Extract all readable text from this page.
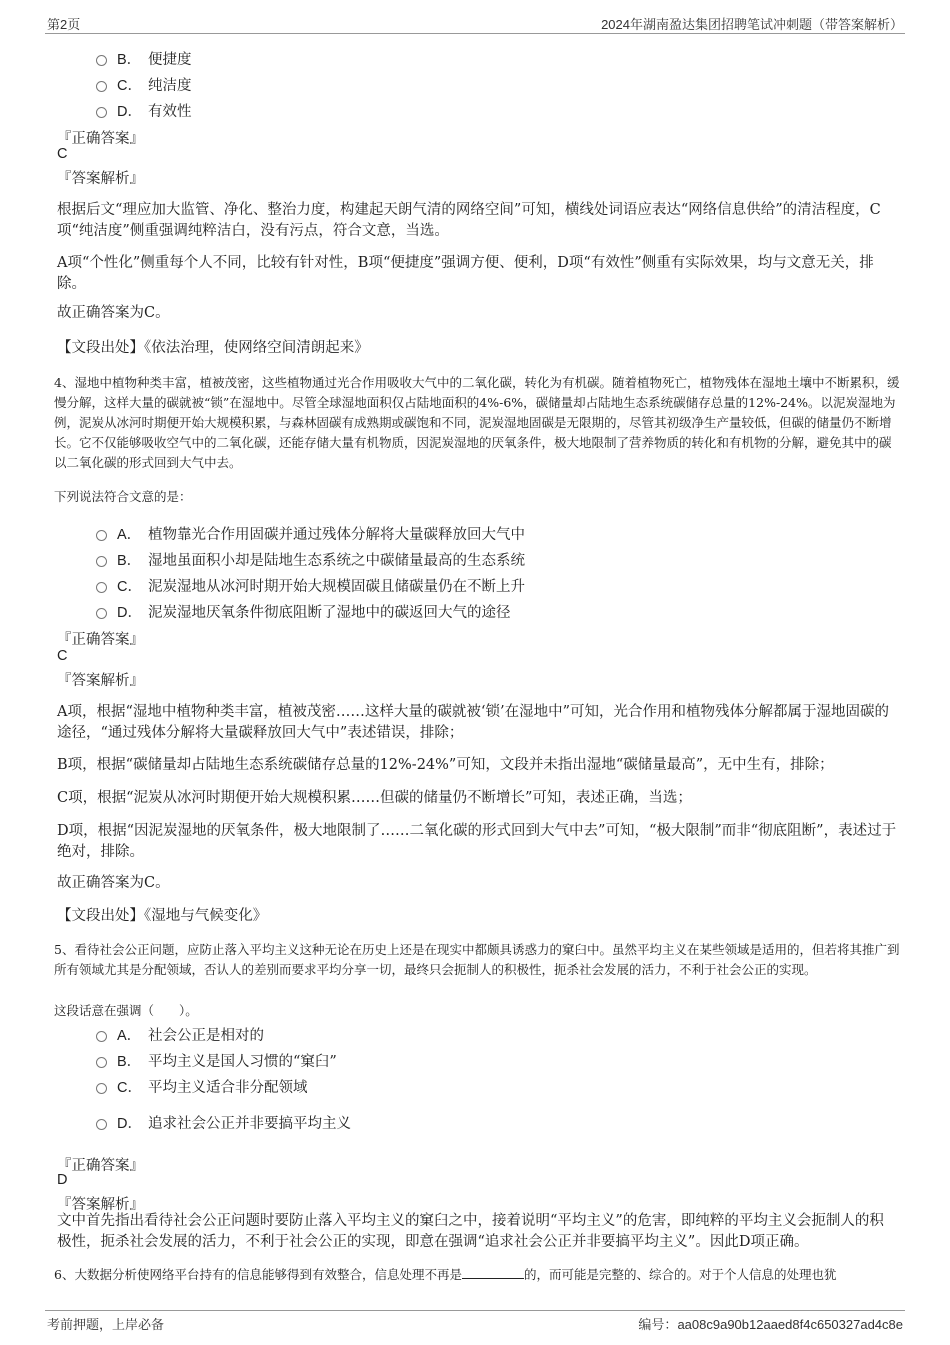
第2页	2024年湖南盈达集团招聘笔试冲刺题（带答案解析）
B． 便捷度
C． 纯洁度
D． 有效性
『正确答案』
C
『答案解析』
根据后文“理应加大监管、净化、整治力度，构建起天朗气清的网络空间”可知，横线处词语应表达“网络信息供给”的清洁程度，C项“纯洁度”侧重强调纯粹洁白，没有污点，符合文意，当选。
A项“个性化”侧重每个人不同，比较有针对性，B项“便捷度”强调方便、便利，D项“有效性”侧重有实际效果，均与文意无关，排除。
故正确答案为C。
【文段出处】《依法治理，使网络空间清朗起来》
4、湿地中植物种类丰富，植被茂密，这些植物通过光合作用吸收大气中的二氧化碳，转化为有机碳。随着植物死亡，植物残体在湿地土壤中不断累积，缓慢分解，这样大量的碳就被“锁”在湿地中。尽管全球湿地面积仅占陆地面积的4%-6%，碳储量却占陆地生态系统碳储存总量的12%-24%。以泥炭湿地为例，泥炭从冰河时期便开始大规模积累，与森林固碳有成熟期或碳饱和不同，泥炭湿地固碳是无限期的，尽管其初级净生产量较低，但碳的储量仍不断增长。它不仅能够吸收空气中的二氧化碳，还能存储大量有机物质，因泥炭湿地的厌氧条件，极大地限制了营养物质的转化和有机物的分解，避免其中的碳以二氧化碳的形式回到大气中去。
下列说法符合文意的是：
A． 植物靠光合作用固碳并通过残体分解将大量碳释放回大气中
B． 湿地虽面积小却是陆地生态系统之中碳储量最高的生态系统
C． 泥炭湿地从冰河时期开始大规模固碳且储碳量仍在不断上升
D． 泥炭湿地厌氧条件彻底阻断了湿地中的碳返回大气的途径
『正确答案』
C
『答案解析』
A项，根据“湿地中植物种类丰富，植被茂密……这样大量的碳就被‘锁’在湿地中”可知，光合作用和植物残体分解都属于湿地固碳的途径，“通过残体分解将大量碳释放回大气中”表述错误，排除；
B项，根据“碳储量却占陆地生态系统碳储存总量的12%-24%”可知，文段并未指出湿地“碳储量最高”，无中生有，排除；
C项，根据“泥炭从冰河时期便开始大规模积累……但碳的储量仍不断增长”可知，表述正确，当选；
D项，根据“因泥炭湿地的厌氧条件，极大地限制了……二氧化碳的形式回到大气中去”可知，“极大限制”而非“彻底阻断”，表述过于绝对，排除。
故正确答案为C。
【文段出处】《湿地与气候变化》
5、看待社会公正问题，应防止落入平均主义这种无论在历史上还是在现实中都颇具诱惑力的窠臼中。虽然平均主义在某些领域是适用的，但若将其推广到所有领域尤其是分配领域，否认人的差别而要求平均分享一切，最终只会扼制人的积极性，扼杀社会发展的活力，不利于社会公正的实现。
这段话意在强调（　　）。
A． 社会公正是相对的
B． 平均主义是国人习惯的“窠臼”
C． 平均主义适合非分配领域
D． 追求社会公正并非要搞平均主义
『正确答案』
D
『答案解析』
文中首先指出看待社会公正问题时要防止落入平均主义的窠臼之中，接着说明“平均主义”的危害，即纯粹的平均主义会扼制人的积极性，扼杀社会发展的活力，不利于社会公正的实现，即意在强调“追求社会公正并非要搞平均主义”。因此D项正确。
6、大数据分析使网络平台持有的信息能够得到有效整合，信息处理不再是	的，而可能是完整的、综合的。对于个人信息的处理也犹
考前押题，上岸必备	编号：aa08c9a90b12aaed8f4c650327ad4c8e
